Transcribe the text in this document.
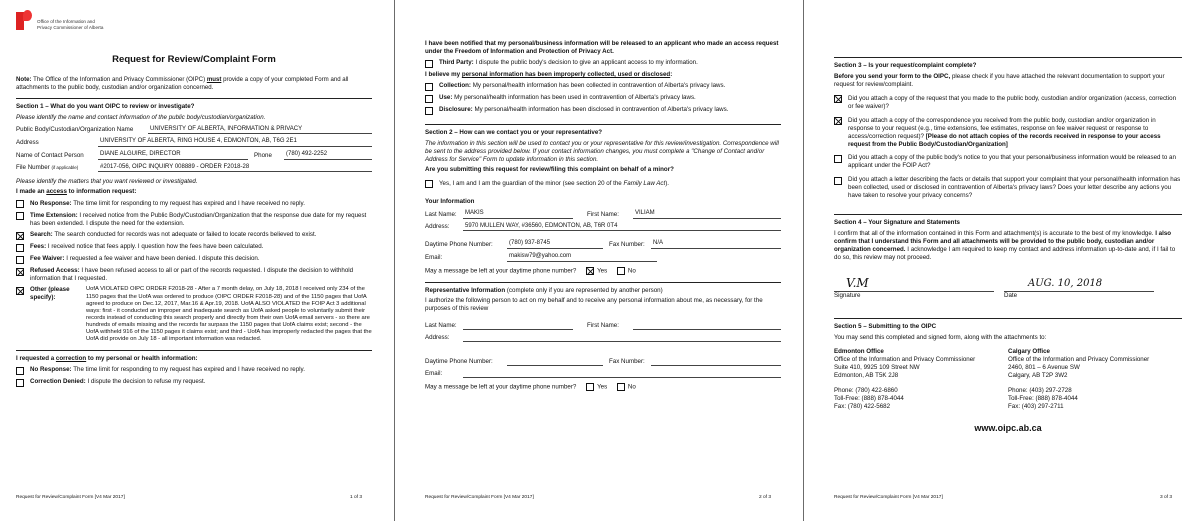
Office of the Information and
Privacy Commissioner of Alberta
Request for Review/Complaint Form
Note: The Office of the Information and Privacy Commissioner (OIPC) must provide a copy of your completed Form and all attachments to the public body, custodian and/or organization concerned.
Section 1 – What do you want OIPC to review or investigate?
Please identify the name and contact information of the public body/custodian/organization.
Public Body/Custodian/Organization Name	UNIVERSITY OF ALBERTA, INFORMATION & PRIVACY
Address	UNIVERSITY OF ALBERTA, RING HOUSE 4, EDMONTON, AB, T6G 2E1
Name of Contact Person	DIANE ALGUIRE, DIRECTOR	Phone	(780) 492-2252
File Number (if applicable)	#2017-056, OIPC INQUIRY 008889 - ORDER F2018-28
Please identify the matters that you want reviewed or investigated.
I made an access to information request:
No Response: The time limit for responding to my request has expired and I have received no reply.
Time Extension: I received notice from the Public Body/Custodian/Organization that the response due date for my request has been extended. I dispute the need for the extension.
Search: The search conducted for records was not adequate or failed to locate records believed to exist.
Fees: I received notice that fees apply. I question how the fees have been calculated.
Fee Waiver: I requested a fee waiver and have been denied. I dispute this decision.
Refused Access: I have been refused access to all or part of the records requested. I dispute the decision to withhold information that I requested.
Other (please specify):
UofA VIOLATED OIPC ORDER F2018-28 - After a 7 month delay, on July 18, 2018 I received only 234 of the 1150 pages that the UofA was ordered to produce (OIPC ORDER F2018-28) and of the 1150 pages that UofA agreed to produce on Dec.12, 2017, Mar.16 & Apr.19, 2018. UofA ALSO VIOLATED the FOIP Act 3 additional ways: first - it conducted an improper and inadequate search as UofA asked people to voluntarily submit their records instead of conducting this search properly and directly from their own UofA email servers - so there are hundreds of emails missing and the records far surpass the 1150 pages that UofA claims exist; second - the UofA withheld 916 of the 1150 pages it claims exist; and third - UofA has improperly redacted the pages that the UofA did provide on July 18 - all important information was redacted.
I requested a correction to my personal or health information:
No Response: The time limit for responding to my request has expired and I have received no reply.
Correction Denied: I dispute the decision to refuse my request.
Request for Review/Complaint Form [V4 Mar 2017]	1 of 3
I have been notified that my personal/business information will be released to an applicant who made an access request under the Freedom of Information and Protection of Privacy Act.
Third Party: I dispute the public body's decision to give an applicant access to my information.
I believe my personal information has been improperly collected, used or disclosed:
Collection: My personal/health information has been collected in contravention of Alberta's privacy laws.
Use: My personal/health information has been used in contravention of Alberta's privacy laws.
Disclosure: My personal/health information has been disclosed in contravention of Alberta's privacy laws.
Section 2 – How can we contact you or your representative?
The information in this section will be used to contact you or your representative for this review/investigation. Correspondence will be sent to the address provided below. If your contact information changes, you must complete a "Change of Contact and/or Address for Service" Form to update information in this section.
Are you submitting this request for review/filing this complaint on behalf of a minor?
Yes, I am and I am the guardian of the minor (see section 20 of the Family Law Act).
Your Information
Last Name:	MAKIS	First Name:	VILIAM
Address:	5970 MULLEN WAY, #36560, EDMONTON, AB, T6R 0T4
Daytime Phone Number:	(780) 937-8745	Fax Number:	N/A
Email:	makisw79@yahoo.com
May a message be left at your daytime phone number?	Yes	No
Representative Information (complete only if you are represented by another person)
I authorize the following person to act on my behalf and to receive any personal information about me, as necessary, for the purposes of this review
Last Name:	First Name:
Address:
Daytime Phone Number:	Fax Number:
Email:
May a message be left at your daytime phone number?	Yes	No
Request for Review/Complaint Form [V4 Mar 2017]	2 of 3
Section 3 – Is your request/complaint complete?
Before you send your form to the OIPC, please check if you have attached the relevant documentation to support your request for review/complaint.
Did you attach a copy of the request that you made to the public body, custodian and/or organization (access, correction or fee waiver)?
Did you attach a copy of the correspondence you received from the public body, custodian and/or organization in response to your request (e.g., time extensions, fee estimates, response on fee waiver request or response to access/correction request)? [Please do not attach copies of the records received in response to your access request from the Public Body/Custodian/Organization]
Did you attach a copy of the public body's notice to you that your personal/business information would be released to an applicant under the FOIP Act?
Did you attach a letter describing the facts or details that support your complaint that your personal/health information has been collected, used or disclosed in contravention of Alberta's privacy laws? Does your letter describe any actions you have taken to resolve your privacy concerns?
Section 4 – Your Signature and Statements
I confirm that all of the information contained in this Form and attachment(s) is accurate to the best of my knowledge. I also confirm that I understand this Form and all attachments will be provided to the public body, custodian and/or organization concerned. I acknowledge I am required to keep my contact and address information up-to-date and, if I fail to do so, this review may not proceed.
V.M
Signature
AUG. 10, 2018
Date
Section 5 – Submitting to the OIPC
You may send this completed and signed form, along with the attachments to:
Edmonton Office
Office of the Information and Privacy Commissioner
Suite 410, 9925 109 Street NW
Edmonton, AB T5K 2J8
Phone: (780) 422-6860
Toll-Free: (888) 878-4044
Fax: (780) 422-5682
Calgary Office
Office of the Information and Privacy Commissioner
2460, 801 – 6 Avenue SW
Calgary, AB T2P 3W2
Phone: (403) 297-2728
Toll-Free: (888) 878-4044
Fax: (403) 297-2711
www.oipc.ab.ca
Request for Review/Complaint Form [V4 Mar 2017]	3 of 3
